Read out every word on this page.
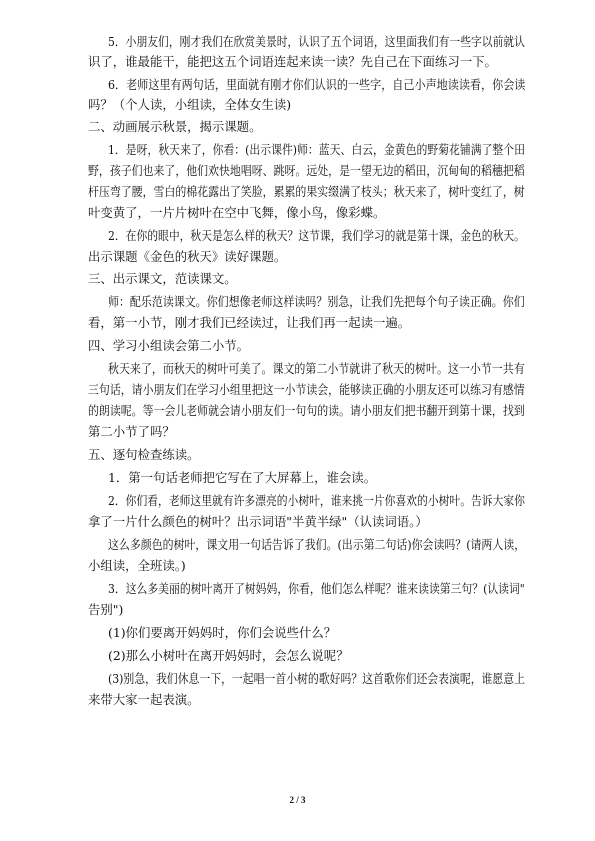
5．小朋友们，刚才我们在欣赏美景时，认识了五个词语，这里面我们有一些字以前就认
识了，谁最能干，能把这五个词语连起来读一读？先自己在下面练习一下。
6．老师这里有两句话，里面就有刚才你们认识的一些字，自己小声地读读看，你会读
吗？（个人读，小组读，全体女生读)
二、动画展示秋景，揭示课题。
1．是呀，秋天来了，你看：(出示课件)师：蓝天、白云，金黄色的野菊花铺满了整个田
野，孩子们也来了，他们欢快地唱呀、跳呀。远处，是一望无边的稻田，沉甸甸的稻穗把稻
杆压弯了腰，雪白的棉花露出了笑脸，累累的果实缀满了枝头；秋天来了，树叶变红了，树
叶变黄了，一片片树叶在空中飞舞，像小鸟，像彩蝶。
2．在你的眼中，秋天是怎么样的秋天？这节课，我们学习的就是第十课，金色的秋天。
出示课题《金色的秋天》读好课题。
三、出示课文，范读课文。
师：配乐范读课文。你们想像老师这样读吗？别急，让我们先把每个句子读正确。你们
看，第一小节，刚才我们已经读过，让我们再一起读一遍。
四、学习小组读会第二小节。
秋天来了，而秋天的树叶可美了。课文的第二小节就讲了秋天的树叶。这一小节一共有
三句话，请小朋友们在学习小组里把这一小节读会，能够读正确的小朋友还可以练习有感情
的朗读呢。等一会儿老师就会请小朋友们一句句的读。请小朋友们把书翻开到第十课，找到
第二小节了吗？
五、逐句检查练读。
1．第一句话老师把它写在了大屏幕上，谁会读。
2．你们看，老师这里就有许多漂亮的小树叶，谁来挑一片你喜欢的小树叶。告诉大家你
拿了一片什么颜色的树叶？出示词语"半黄半绿"（认读词语。）
这么多颜色的树叶，课文用一句话告诉了我们。(出示第二句话)你会读吗？(请两人读，
小组读，全班读。)
3．这么多美丽的树叶离开了树妈妈，你看，他们怎么样呢？谁来读读第三句？(认读词"
告别")
(1)你们要离开妈妈时，你们会说些什么？
(2)那么小树叶在离开妈妈时，会怎么说呢？
(3)别急，我们休息一下，一起唱一首小树的歌好吗？这首歌你们还会表演呢，谁愿意上
来带大家一起表演。
2 / 3
